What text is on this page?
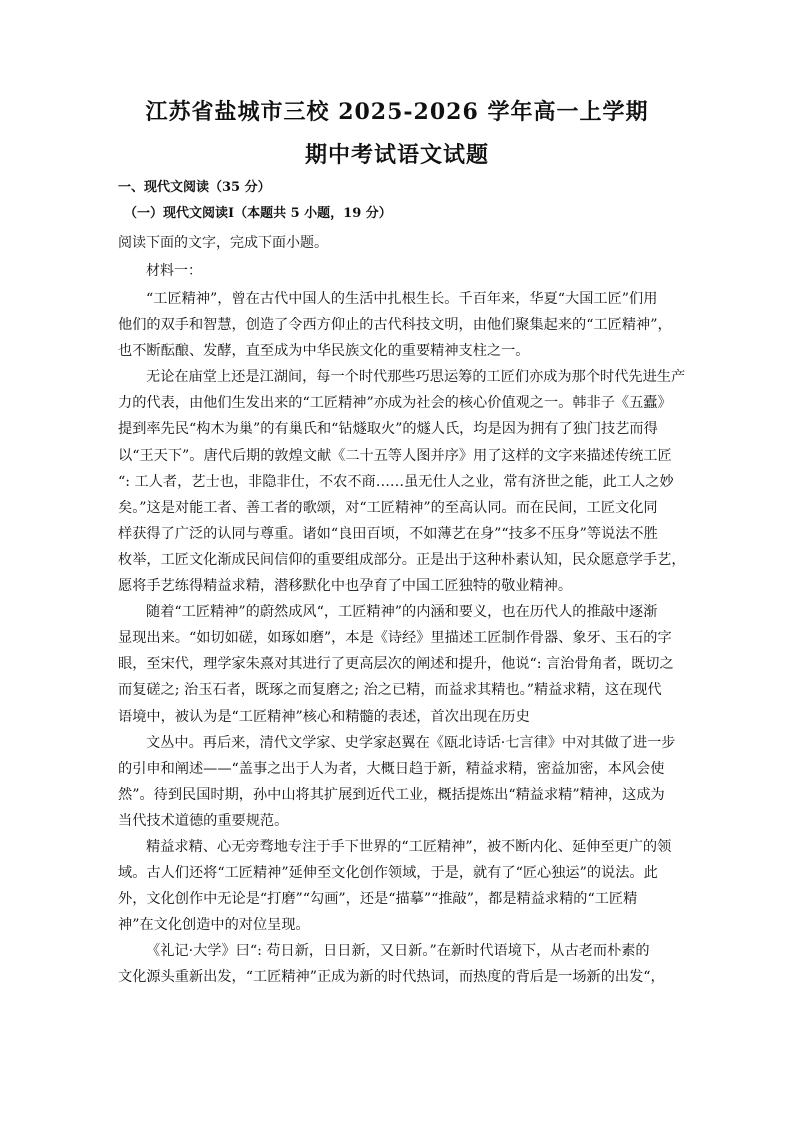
江苏省盐城市三校 2025-2026 学年高一上学期
期中考试语文试题
一、现代文阅读（35 分）
（一）现代文阅读Ⅰ（本题共 5 小题，19 分）
阅读下面的文字，完成下面小题。
材料一：
“工匠精神”，曾在古代中国人的生活中扎根生长。千百年来，华夏“大国工匠”们用
他们的双手和智慧，创造了令西方仰止的古代科技文明，由他们聚集起来的“工匠精神”，
也不断酝酿、发酵，直至成为中华民族文化的重要精神支柱之一。
无论在庙堂上还是江湖间，每一个时代那些巧思运筹的工匠们亦成为那个时代先进生产
力的代表，由他们生发出来的“工匠精神”亦成为社会的核心价值观之一。韩非子《五蠹》
提到率先民“构木为巢”的有巢氏和“钻燧取火”的燧人氏，均是因为拥有了独门技艺而得
以“王天下”。唐代后期的敦煌文献《二十五等人图并序》用了这样的文字来描述传统工匠
“: 工人者，艺士也，非隐非仕，不农不商……虽无仕人之业，常有济世之能，此工人之妙
矣。”这是对能工者、善工者的歌颂，对“工匠精神”的至高认同。而在民间，工匠文化同
样获得了广泛的认同与尊重。诸如“良田百顷，不如薄艺在身”“技多不压身”等说法不胜
枚举，工匠文化渐成民间信仰的重要组成部分。正是出于这种朴素认知，民众愿意学手艺，
愿将手艺练得精益求精，潜移默化中也孕育了中国工匠独特的敬业精神。
随着“工匠精神”的蔚然成风“，工匠精神”的内涵和要义，也在历代人的推敲中逐渐
显现出来。“如切如磋，如琢如磨”，本是《诗经》里描述工匠制作骨器、象牙、玉石的字
眼，至宋代，理学家朱熹对其进行了更高层次的阐述和提升，他说“: 言治骨角者，既切之
而复磋之; 治玉石者，既琢之而复磨之; 治之已精，而益求其精也。”精益求精，这在现代
语境中，被认为是“工匠精神”核心和精髓的表述，首次出现在历史
文丛中。再后来，清代文学家、史学家赵翼在《瓯北诗话·七言律》中对其做了进一步
的引申和阐述——“盖事之出于人为者，大概日趋于新，精益求精，密益加密，本风会使
然”。待到民国时期，孙中山将其扩展到近代工业，概括提炼出“精益求精”精神，这成为
当代技术道德的重要规范。
精益求精、心无旁骛地专注于手下世界的“工匠精神”，被不断内化、延伸至更广的领
域。古人们还将“工匠精神”延伸至文化创作领域，于是，就有了“匠心独运”的说法。此
外，文化创作中无论是“打磨”“勾画”，还是“描摹”“推敲”，都是精益求精的“工匠精
神”在文化创造中的对位呈现。
《礼记·大学》曰“: 苟日新，日日新，又日新。”在新时代语境下，从古老而朴素的
文化源头重新出发，“工匠精神”正成为新的时代热词，而热度的背后是一场新的出发“，
